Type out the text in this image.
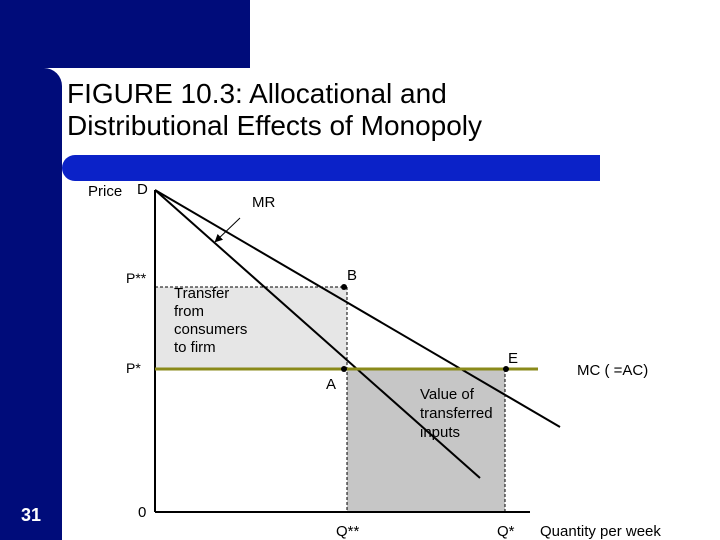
FIGURE 10.3: Allocational and
Distributional Effects of Monopoly
31
Price D
MR
P**
P*
0
Q**	Q* Quantity per week
B
A
E
MC ( =AC)
Transfer from consumers to firm
Value of transferred inputs
